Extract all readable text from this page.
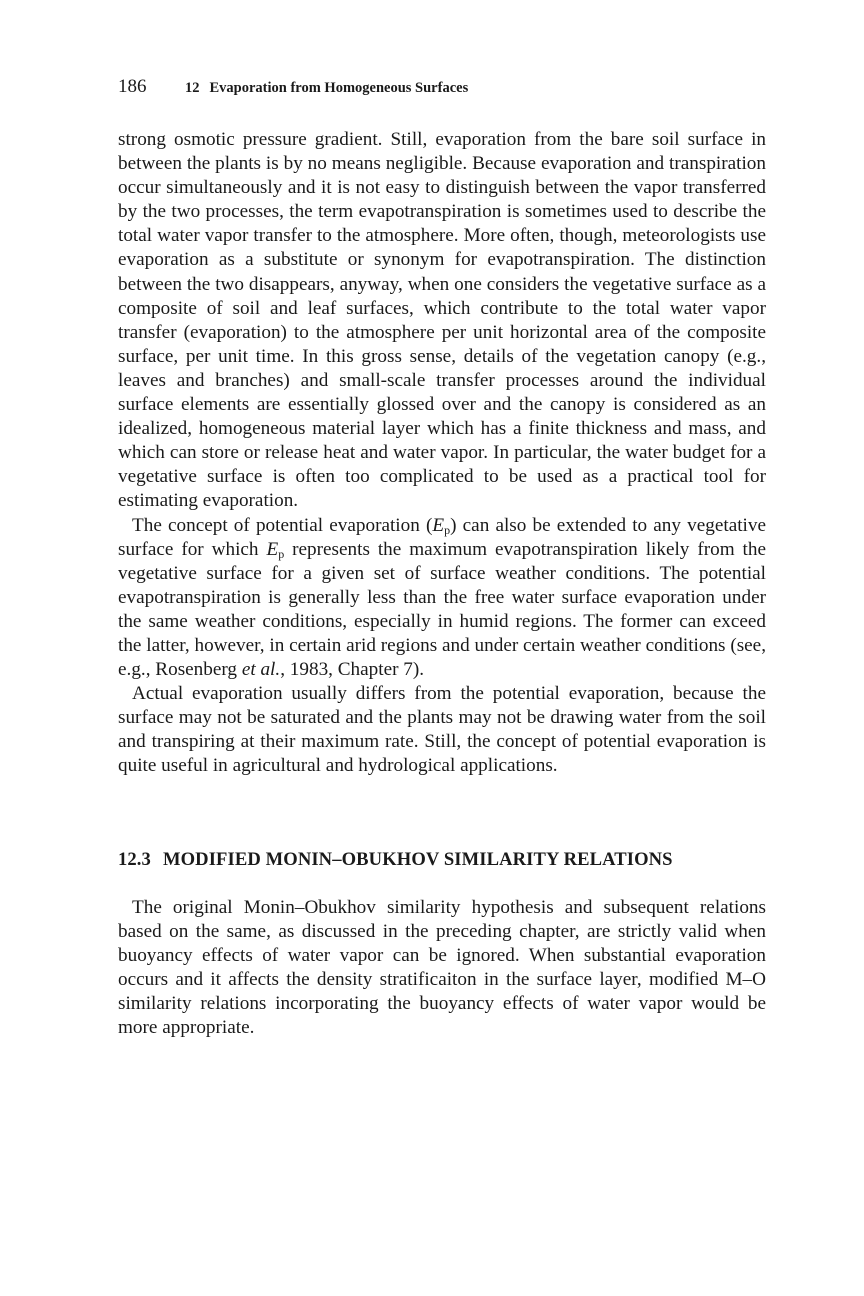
186	12 Evaporation from Homogeneous Surfaces

strong osmotic pressure gradient. Still, evaporation from the bare soil surface in between the plants is by no means negligible. Because evaporation and transpiration occur simultaneously and it is not easy to distinguish between the vapor transferred by the two processes, the term evapotranspiration is sometimes used to describe the total water vapor transfer to the atmosphere. More often, though, meteorologists use evaporation as a substitute or synonym for evapotranspiration. The distinction between the two disappears, anyway, when one considers the vegetative surface as a composite of soil and leaf surfaces, which contribute to the total water vapor transfer (evaporation) to the atmosphere per unit horizontal area of the composite surface, per unit time. In this gross sense, details of the vegetation canopy (e.g., leaves and branches) and small-scale transfer processes around the individual surface elements are essentially glossed over and the canopy is considered as an idealized, homogeneous material layer which has a finite thickness and mass, and which can store or release heat and water vapor. In particular, the water budget for a vegetative surface is often too complicated to be used as a practical tool for estimating evaporation.

The concept of potential evaporation $(E_p)$ can also be extended to any vegetative surface for which $E_p$ represents the maximum evapotranspiration likely from the vegetative surface for a given set of surface weather conditions. The potential evapotranspiration is generally less than the free water surface evaporation under the same weather conditions, especially in humid regions. The former can exceed the latter, however, in certain arid regions and under certain weather conditions (see, e.g., Rosenberg et al., 1983, Chapter 7).

Actual evaporation usually differs from the potential evaporation, because the surface may not be saturated and the plants may not be drawing water from the soil and transpiring at their maximum rate. Still, the concept of potential evaporation is quite useful in agricultural and hydrological applications.

12.3 MODIFIED MONIN–OBUKHOV SIMILARITY RELATIONS

The original Monin–Obukhov similarity hypothesis and subsequent relations based on the same, as discussed in the preceding chapter, are strictly valid when buoyancy effects of water vapor can be ignored. When substantial evaporation occurs and it affects the density stratificaiton in the surface layer, modified M–O similarity relations incorporating the buoyancy effects of water vapor would be more appropriate.
